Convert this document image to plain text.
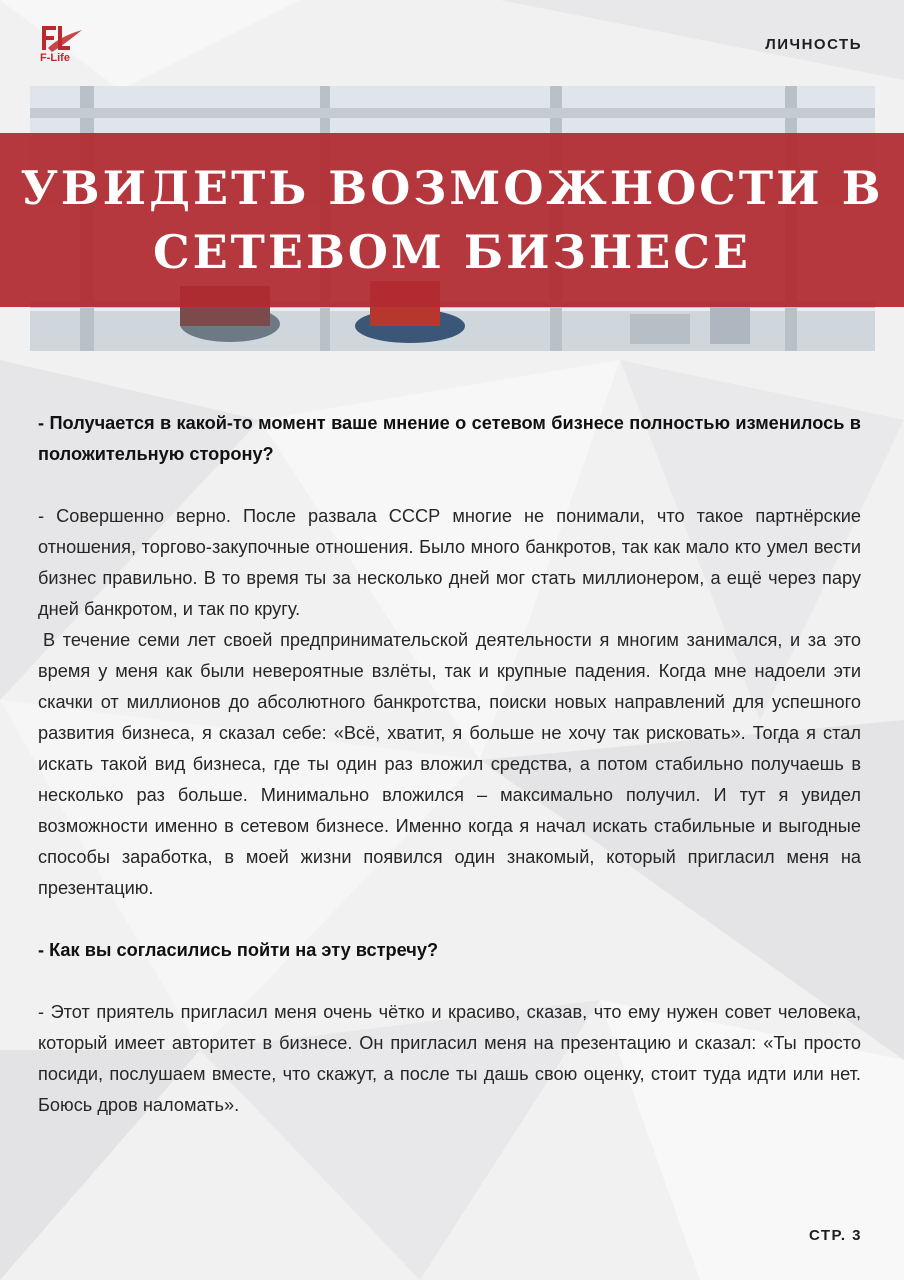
F-Life
ЛИЧНОСТЬ
УВИДЕТЬ ВОЗМОЖНОСТИ В
СЕТЕВОМ БИЗНЕСЕ

- Получается в какой-то момент ваше мнение о сетевом бизнесе полностью изменилось в положительную сторону?

- Совершенно верно. После развала СССР многие не понимали, что такое партнёрские отношения, торгово-закупочные отношения. Было много банкротов, так как мало кто умел вести бизнес правильно. В то время ты за несколько дней мог стать миллионером, а ещё через пару дней банкротом, и так по кругу.

В течение семи лет своей предпринимательской деятельности я многим занимался, и за это время у меня как были невероятные взлёты, так и крупные падения. Когда мне надоели эти скачки от миллионов до абсолютного банкротства, поиски новых направлений для успешного развития бизнеса, я сказал себе: «Всё, хватит, я больше не хочу так рисковать». Тогда я стал искать такой вид бизнеса, где ты один раз вложил средства, а потом стабильно получаешь в несколько раз больше. Минимально вложился – максимально получил. И тут я увидел возможности именно в сетевом бизнесе. Именно когда я начал искать стабильные и выгодные способы заработка, в моей жизни появился один знакомый, который пригласил меня на презентацию.

- Как вы согласились пойти на эту встречу?

- Этот приятель пригласил меня очень чётко и красиво, сказав, что ему нужен совет человека, который имеет авторитет в бизнесе. Он пригласил меня на презентацию и сказал: «Ты просто посиди, послушаем вместе, что скажут, а после ты дашь свою оценку, стоит туда идти или нет. Боюсь дров наломать».

СТР. 3
